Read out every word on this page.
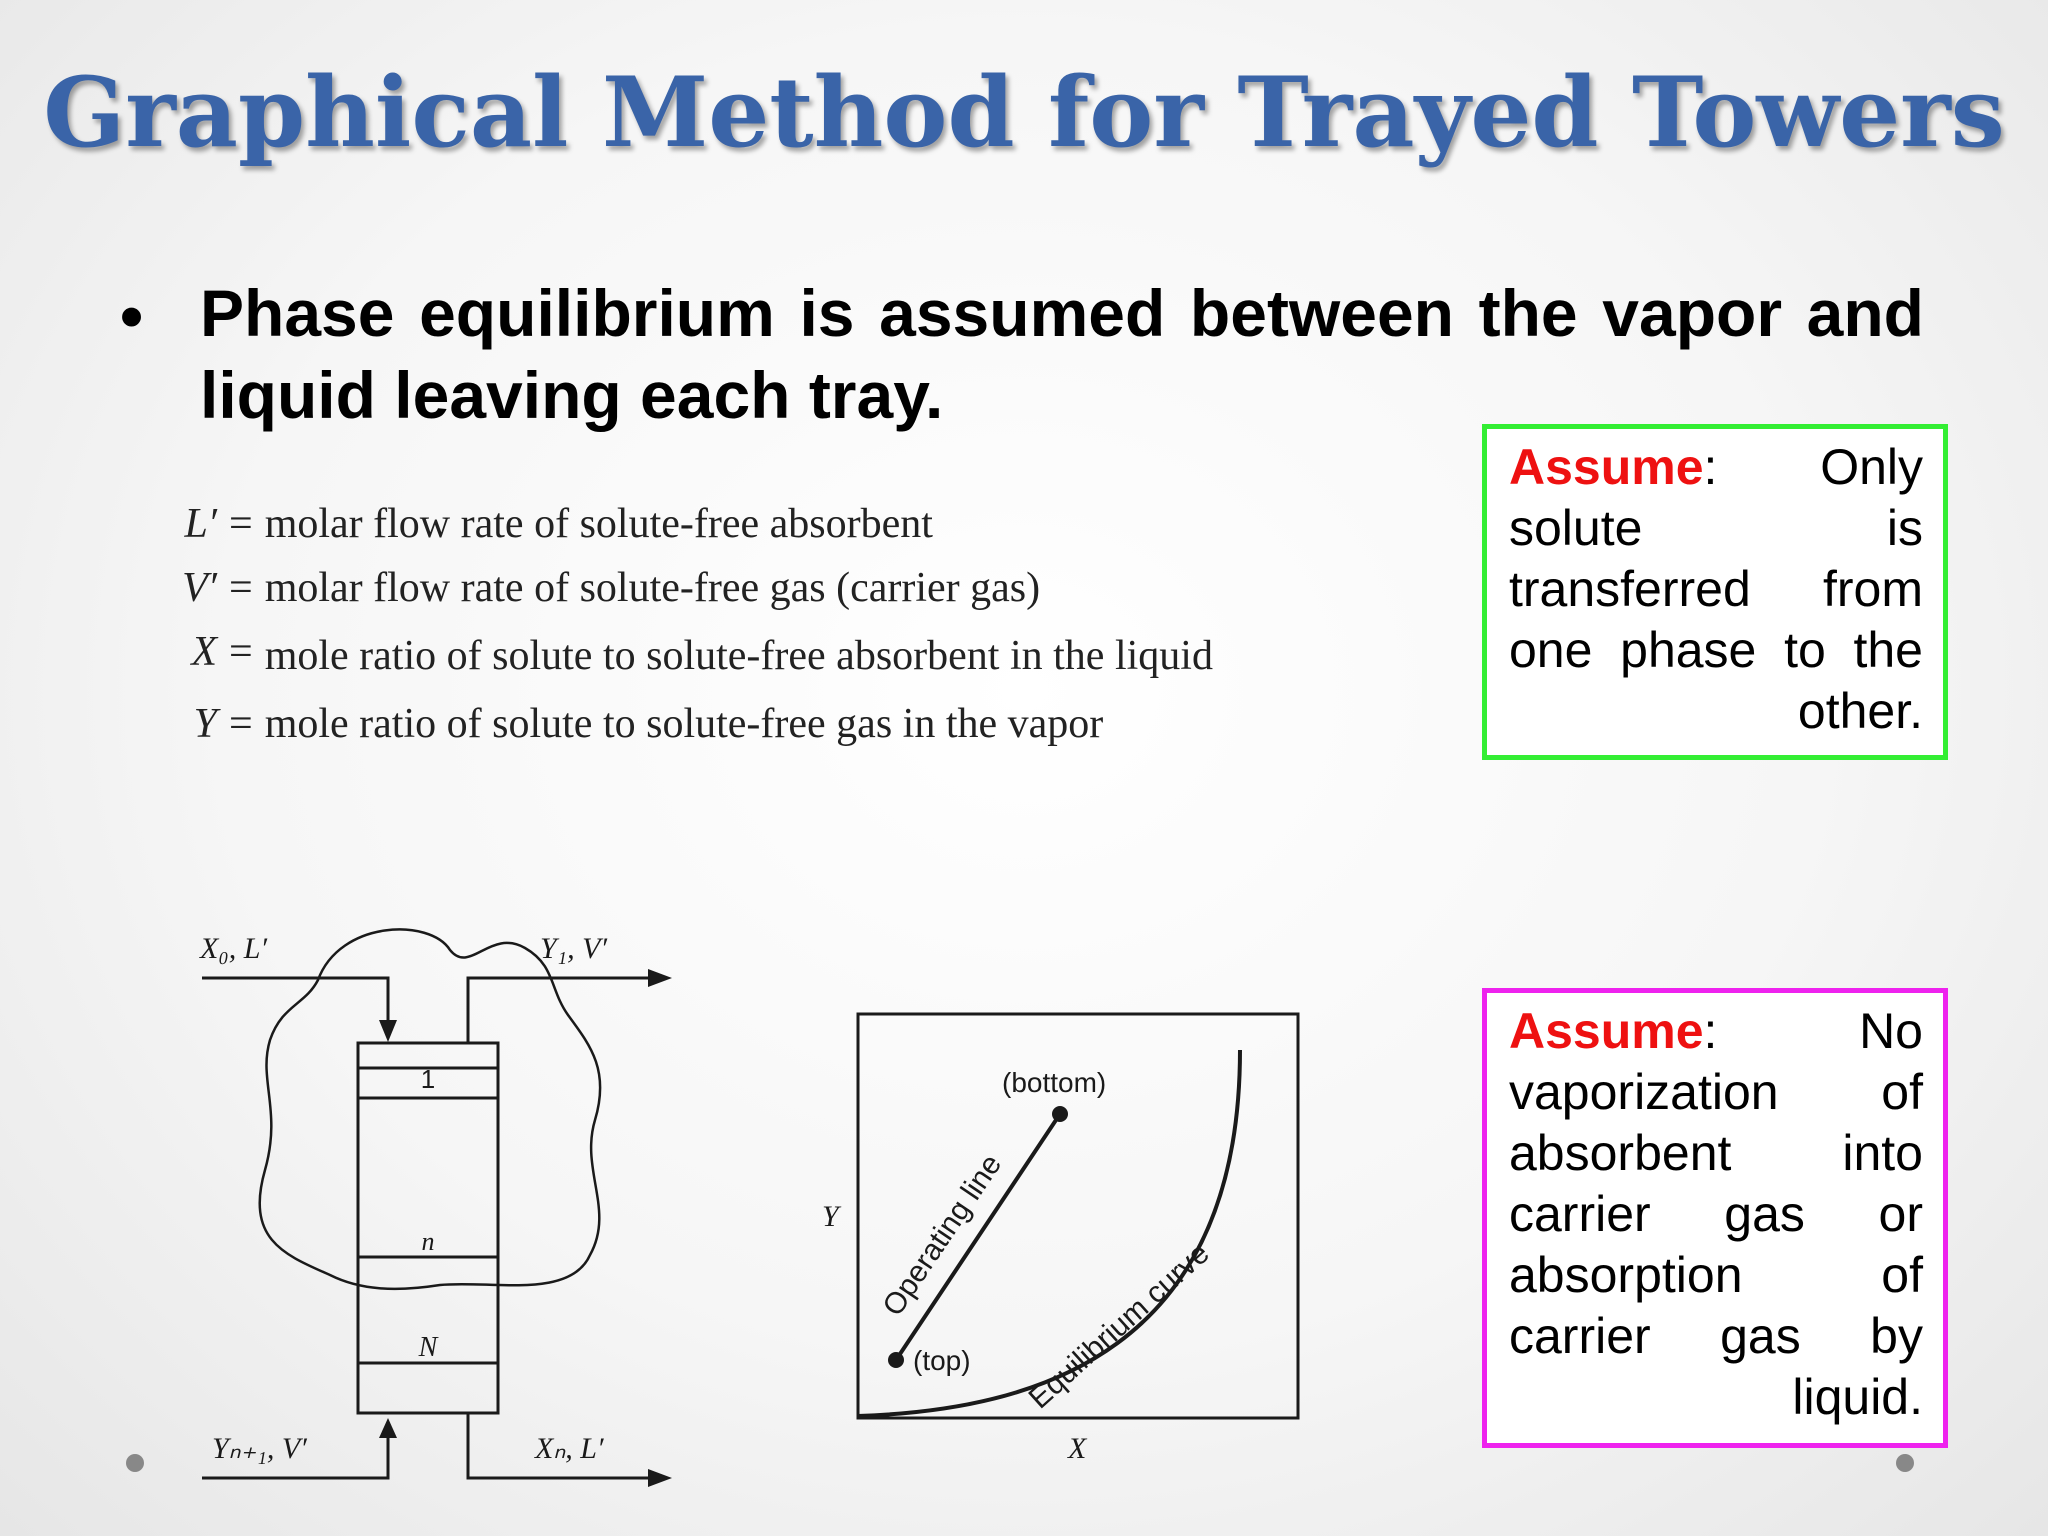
Graphical Method for Trayed Towers
• Phase equilibrium is assumed between the vapor and liquid leaving each tray.
L′ = molar flow rate of solute-free absorbent
V′ = molar flow rate of solute-free gas (carrier gas)
X = mole ratio of solute to solute-free absorbent in the liquid
Y = mole ratio of solute to solute-free gas in the vapor
Assume: Only solute is transferred from one phase to the other.
Assume: No vaporization of absorbent into carrier gas or absorption of carrier gas by liquid.
1
n
N
X₀, L′	Y₁, V′
Yₙ₊₁, V′	Xₙ, L′
(bottom)
(top)
Operating line
Equilibrium curve
Y
X
